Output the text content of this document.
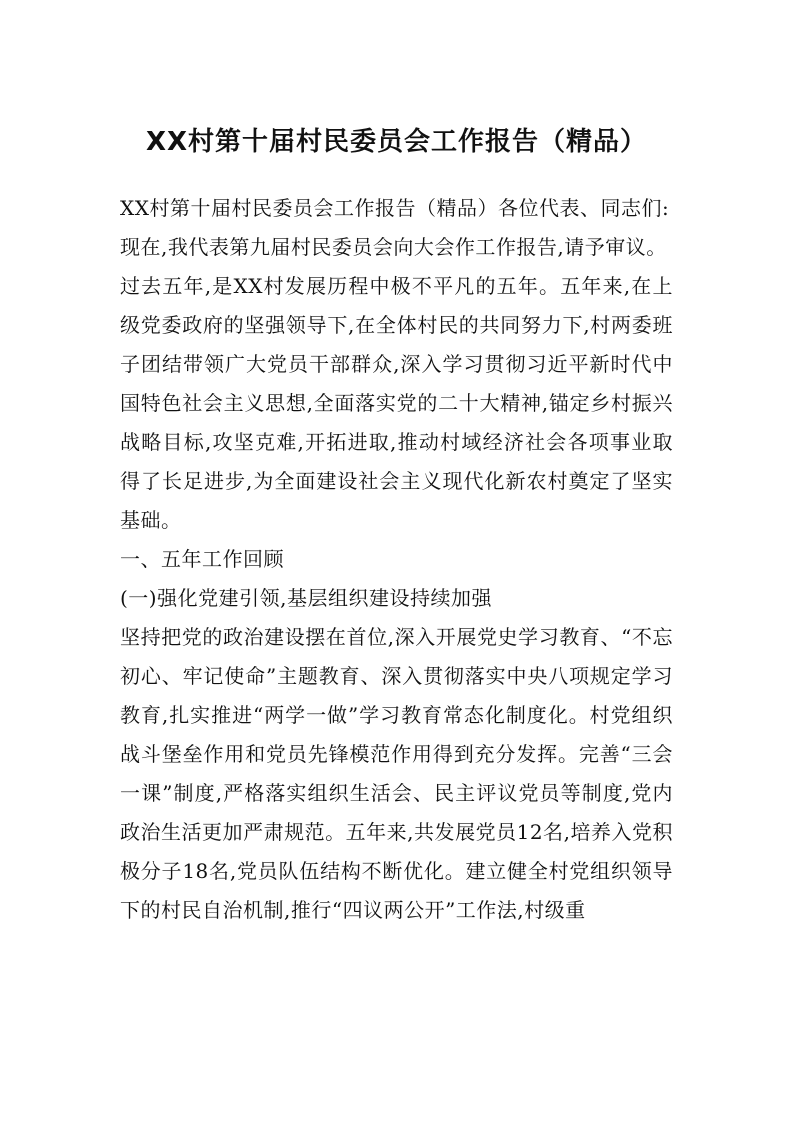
XX村第十届村民委员会工作报告（精品）

XX村第十届村民委员会工作报告（精品）各位代表、同志们:

现在,我代表第九届村民委员会向大会作工作报告,请予审议。

过去五年,是XX村发展历程中极不平凡的五年。五年来,在上级党委政府的坚强领导下,在全体村民的共同努力下,村两委班子团结带领广大党员干部群众,深入学习贯彻习近平新时代中国特色社会主义思想,全面落实党的二十大精神,锚定乡村振兴战略目标,攻坚克难,开拓进取,推动村域经济社会各项事业取得了长足进步,为全面建设社会主义现代化新农村奠定了坚实基础。

一、五年工作回顾

(一)强化党建引领,基层组织建设持续加强

坚持把党的政治建设摆在首位,深入开展党史学习教育、“不忘初心、牢记使命”主题教育、深入贯彻落实中央八项规定学习教育,扎实推进“两学一做”学习教育常态化制度化。村党组织战斗堡垒作用和党员先锋模范作用得到充分发挥。完善“三会一课”制度,严格落实组织生活会、民主评议党员等制度,党内政治生活更加严肃规范。五年来,共发展党员12名,培养入党积极分子18名,党员队伍结构不断优化。建立健全村党组织领导下的村民自治机制,推行“四议两公开”工作法,村级重
